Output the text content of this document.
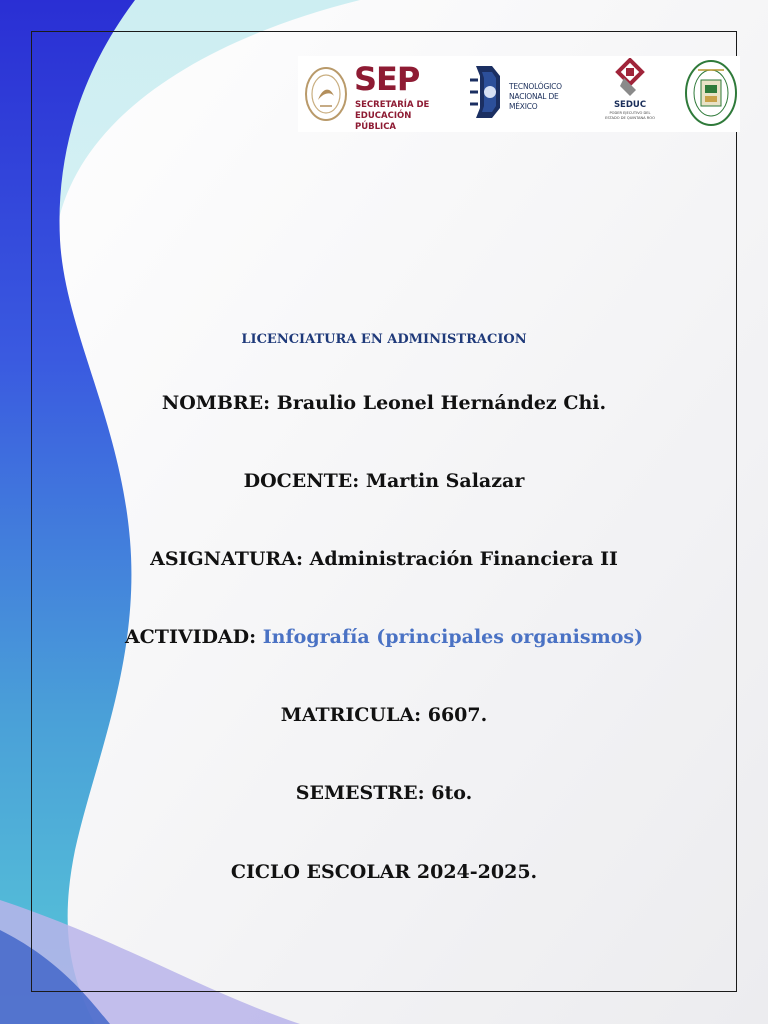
SEP
SECRETARÍA DE EDUCACIÓN PÚBLICA
TECNOLÓGICO
NACIONAL DE MÉXICO	SEDUC
PODER EJECUTIVO DEL ESTADO DE QUINTANA ROO
LICENCIATURA EN ADMINISTRACION
NOMBRE: Braulio Leonel Hernández Chi.
DOCENTE: Martin Salazar
ASIGNATURA: Administración Financiera II
ACTIVIDAD: Infografía (principales organismos)
MATRICULA: 6607.
SEMESTRE: 6to.
CICLO ESCOLAR 2024-2025.
